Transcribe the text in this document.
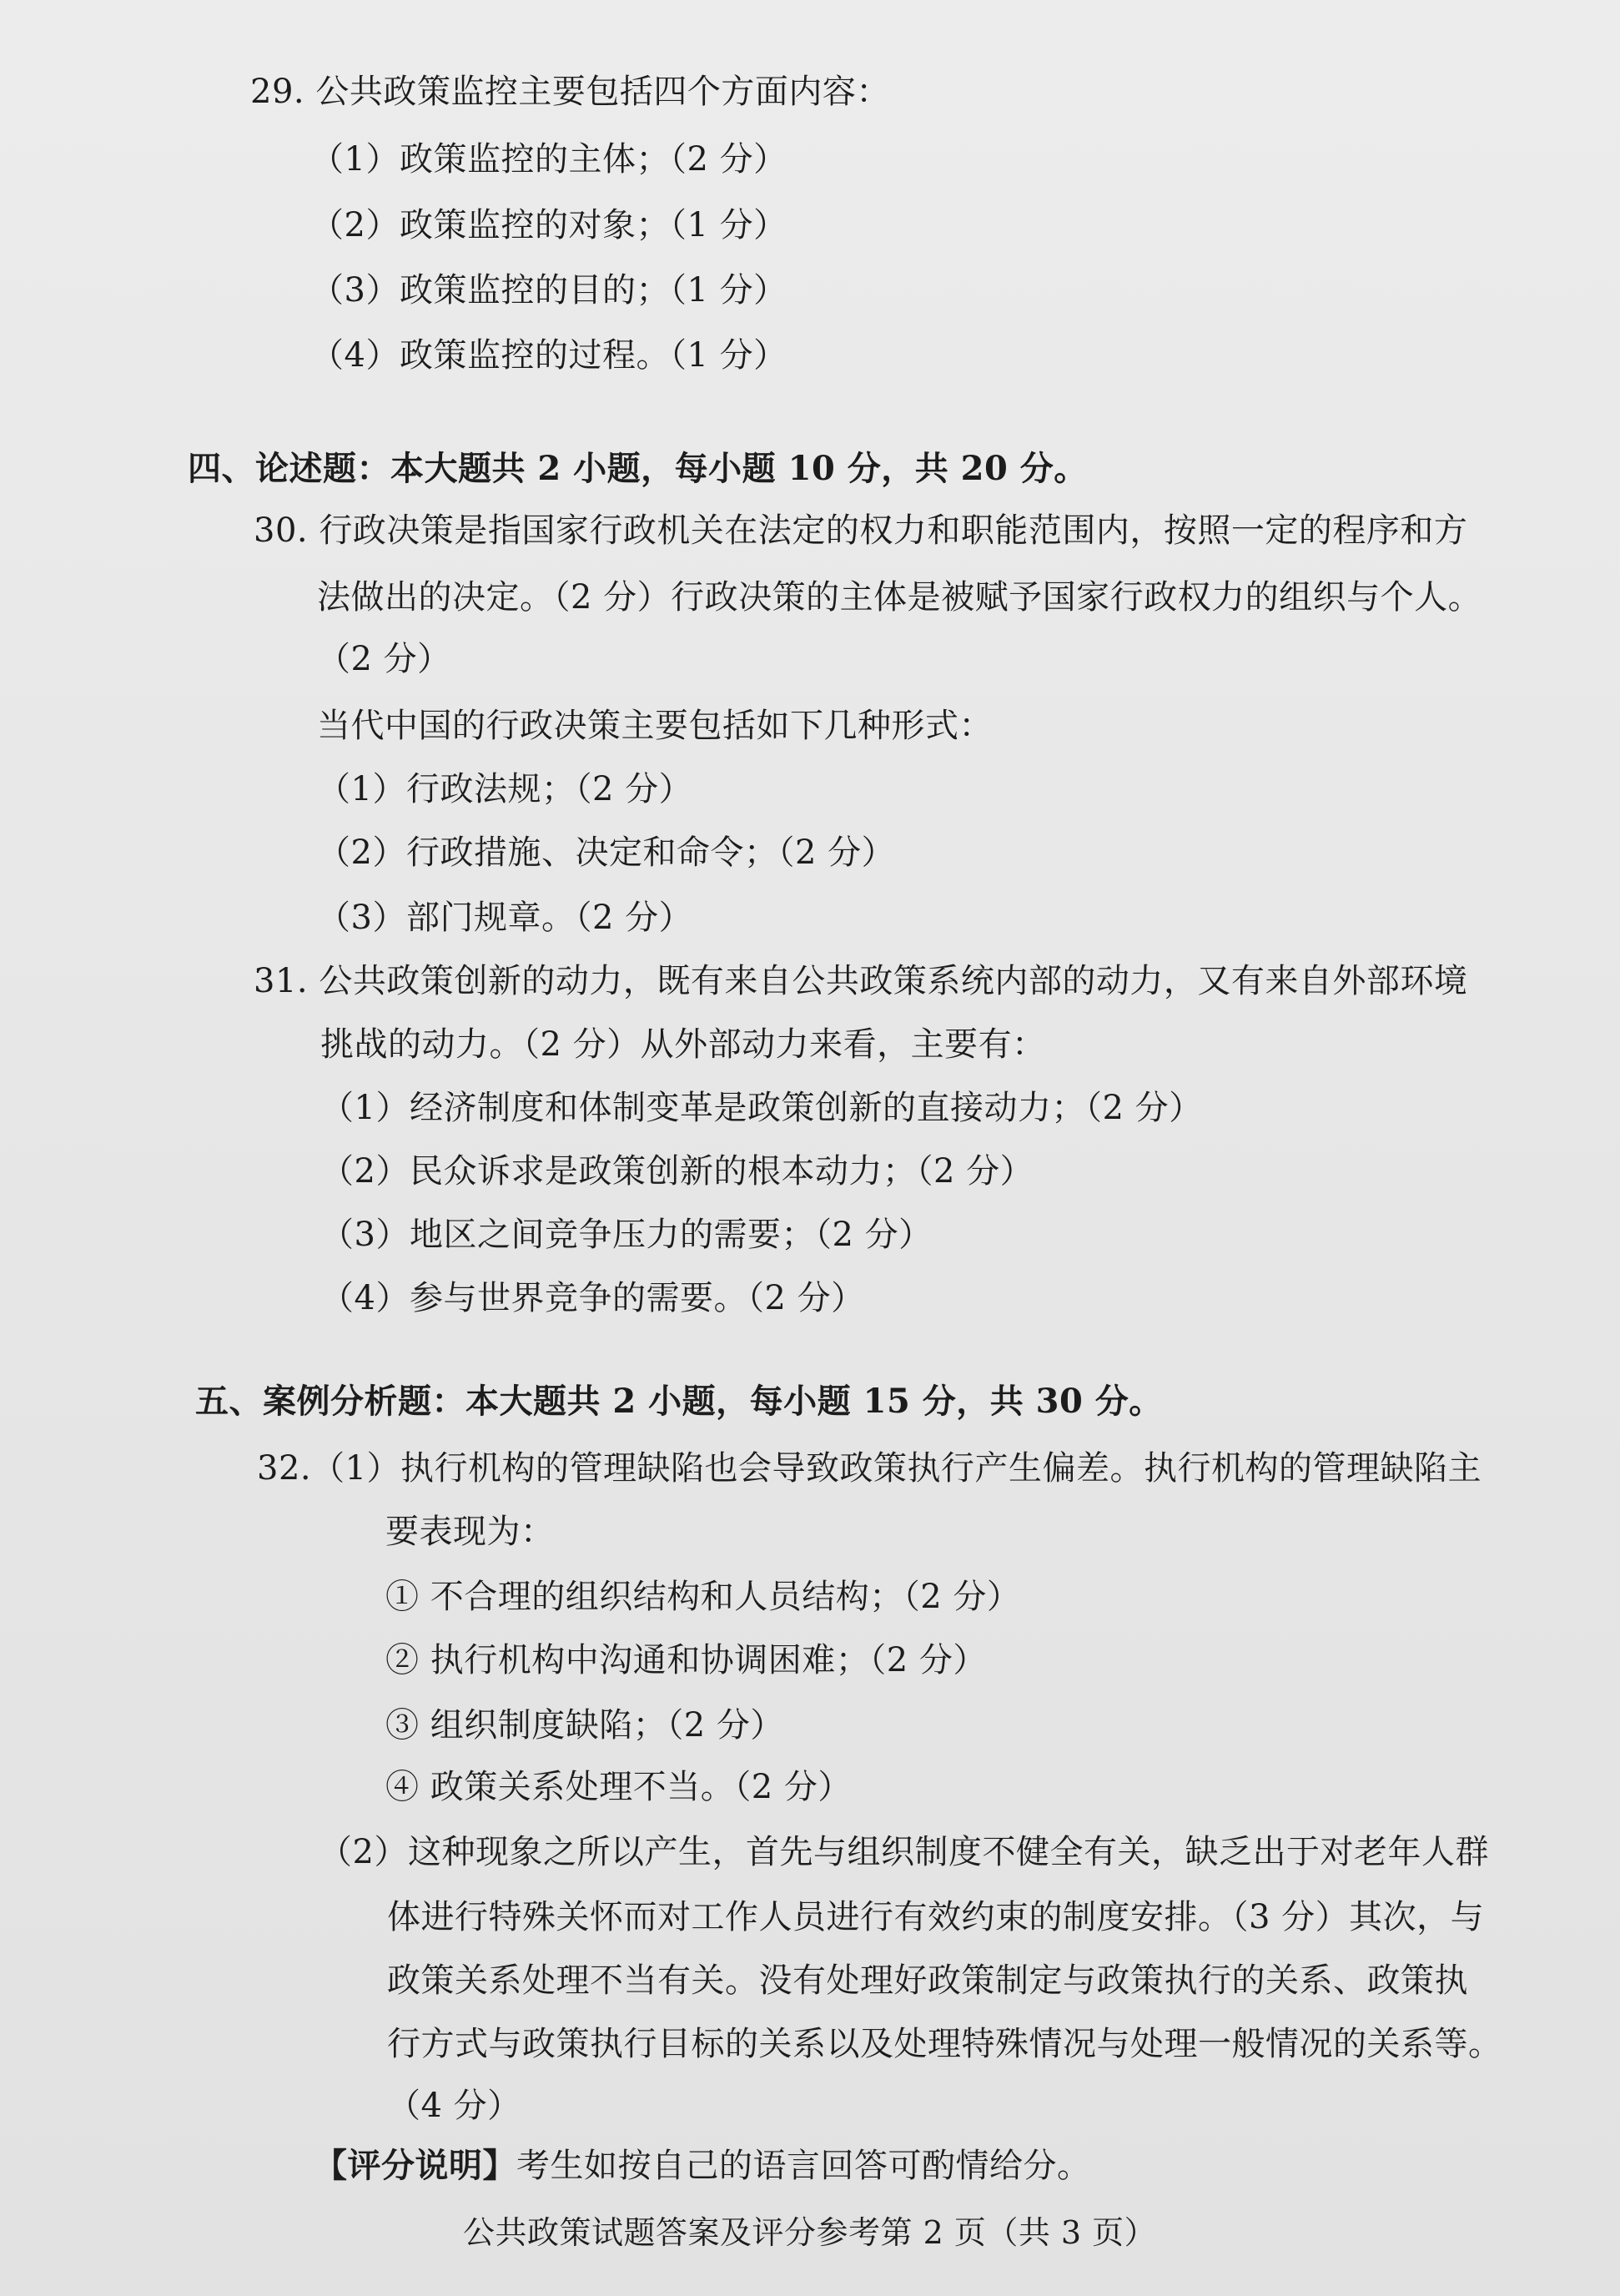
29. 公共政策监控主要包括四个方面内容：
（1）政策监控的主体；（2 分）
（2）政策监控的对象；（1 分）
（3）政策监控的目的；（1 分）
（4）政策监控的过程。（1 分）
四、论述题：本大题共 2 小题，每小题 10 分，共 20 分。
30. 行政决策是指国家行政机关在法定的权力和职能范围内，按照一定的程序和方
法做出的决定。（2 分）行政决策的主体是被赋予国家行政权力的组织与个人。
（2 分）
当代中国的行政决策主要包括如下几种形式：
（1）行政法规；（2 分）
（2）行政措施、决定和命令；（2 分）
（3）部门规章。（2 分）
31. 公共政策创新的动力，既有来自公共政策系统内部的动力，又有来自外部环境
挑战的动力。（2 分）从外部动力来看，主要有：
（1）经济制度和体制变革是政策创新的直接动力；（2 分）
（2）民众诉求是政策创新的根本动力；（2 分）
（3）地区之间竞争压力的需要；（2 分）
（4）参与世界竞争的需要。（2 分）
五、案例分析题：本大题共 2 小题，每小题 15 分，共 30 分。
32.（1）执行机构的管理缺陷也会导致政策执行产生偏差。执行机构的管理缺陷主
要表现为：
① 不合理的组织结构和人员结构；（2 分）
② 执行机构中沟通和协调困难；（2 分）
③ 组织制度缺陷；（2 分）
④ 政策关系处理不当。（2 分）
（2）这种现象之所以产生，首先与组织制度不健全有关，缺乏出于对老年人群
体进行特殊关怀而对工作人员进行有效约束的制度安排。（3 分）其次，与
政策关系处理不当有关。没有处理好政策制定与政策执行的关系、政策执
行方式与政策执行目标的关系以及处理特殊情况与处理一般情况的关系等。
（4 分）
【评分说明】考生如按自己的语言回答可酌情给分。
公共政策试题答案及评分参考第 2 页（共 3 页）
